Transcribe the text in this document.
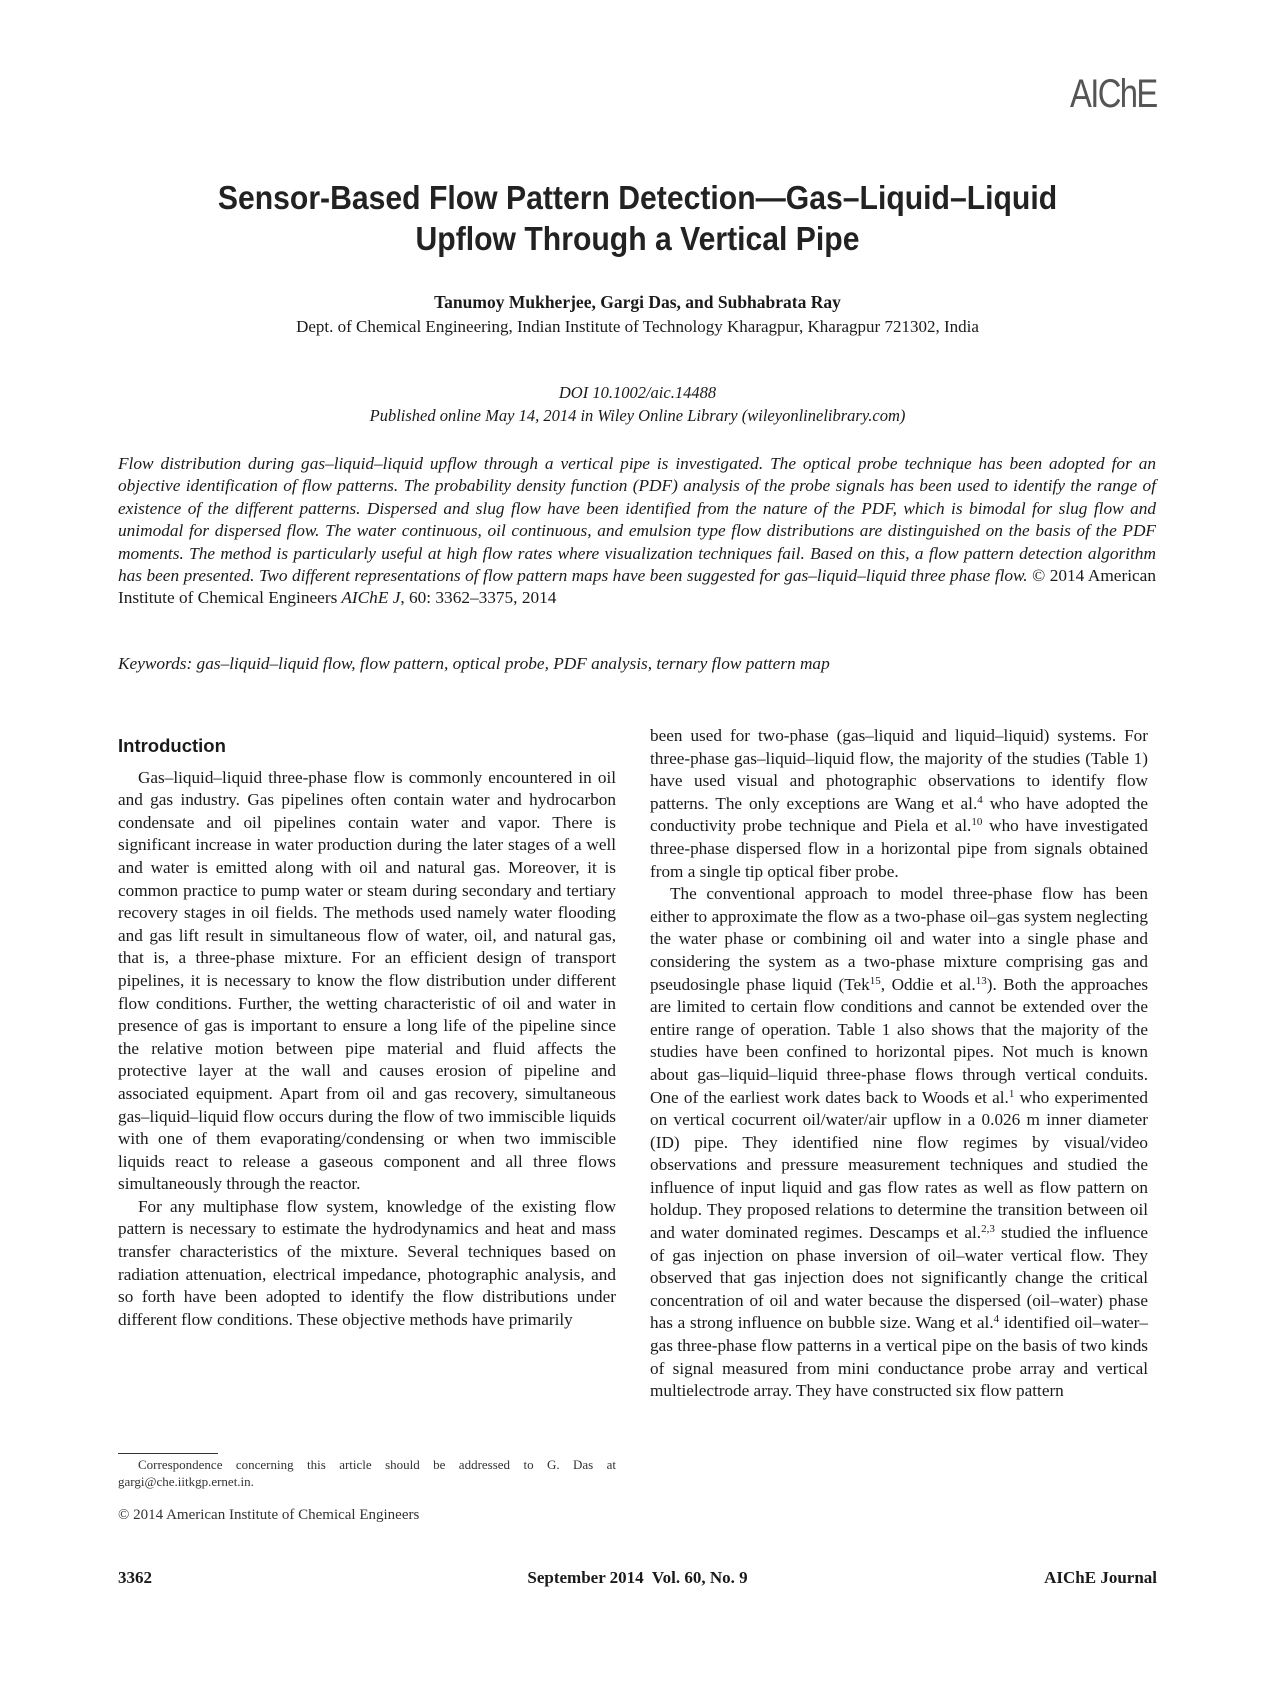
AIChE
Sensor-Based Flow Pattern Detection—Gas–Liquid–Liquid Upflow Through a Vertical Pipe
Tanumoy Mukherjee, Gargi Das, and Subhabrata Ray
Dept. of Chemical Engineering, Indian Institute of Technology Kharagpur, Kharagpur 721302, India
DOI 10.1002/aic.14488
Published online May 14, 2014 in Wiley Online Library (wileyonlinelibrary.com)
Flow distribution during gas–liquid–liquid upflow through a vertical pipe is investigated. The optical probe technique has been adopted for an objective identification of flow patterns. The probability density function (PDF) analysis of the probe signals has been used to identify the range of existence of the different patterns. Dispersed and slug flow have been identified from the nature of the PDF, which is bimodal for slug flow and unimodal for dispersed flow. The water continuous, oil continuous, and emulsion type flow distributions are distinguished on the basis of the PDF moments. The method is particularly useful at high flow rates where visualization techniques fail. Based on this, a flow pattern detection algorithm has been presented. Two different representations of flow pattern maps have been suggested for gas–liquid–liquid three phase flow. © 2014 American Institute of Chemical Engineers AIChE J, 60: 3362–3375, 2014
Keywords: gas–liquid–liquid flow, flow pattern, optical probe, PDF analysis, ternary flow pattern map
Introduction

Gas–liquid–liquid three-phase flow is commonly encountered in oil and gas industry. Gas pipelines often contain water and hydrocarbon condensate and oil pipelines contain water and vapor. There is significant increase in water production during the later stages of a well and water is emitted along with oil and natural gas. Moreover, it is common practice to pump water or steam during secondary and tertiary recovery stages in oil fields. The methods used namely water flooding and gas lift result in simultaneous flow of water, oil, and natural gas, that is, a three-phase mixture. For an efficient design of transport pipelines, it is necessary to know the flow distribution under different flow conditions. Further, the wetting characteristic of oil and water in presence of gas is important to ensure a long life of the pipeline since the relative motion between pipe material and fluid affects the protective layer at the wall and causes erosion of pipeline and associated equipment. Apart from oil and gas recovery, simultaneous gas–liquid–liquid flow occurs during the flow of two immiscible liquids with one of them evaporating/condensing or when two immiscible liquids react to release a gaseous component and all three flows simultaneously through the reactor.

For any multiphase flow system, knowledge of the existing flow pattern is necessary to estimate the hydrodynamics and heat and mass transfer characteristics of the mixture. Several techniques based on radiation attenuation, electrical impedance, photographic analysis, and so forth have been adopted to identify the flow distributions under different flow conditions. These objective methods have primarily

been used for two-phase (gas–liquid and liquid–liquid) systems. For three-phase gas–liquid–liquid flow, the majority of the studies (Table 1) have used visual and photographic observations to identify flow patterns. The only exceptions are Wang et al.$^4$ who have adopted the conductivity probe technique and Piela et al.$^{10}$ who have investigated three-phase dispersed flow in a horizontal pipe from signals obtained from a single tip optical fiber probe.

The conventional approach to model three-phase flow has been either to approximate the flow as a two-phase oil–gas system neglecting the water phase or combining oil and water into a single phase and considering the system as a two-phase mixture comprising gas and pseudosingle phase liquid (Tek$^{15}$, Oddie et al.$^{13}$). Both the approaches are limited to certain flow conditions and cannot be extended over the entire range of operation. Table 1 also shows that the majority of the studies have been confined to horizontal pipes. Not much is known about gas–liquid–liquid three-phase flows through vertical conduits. One of the earliest work dates back to Woods et al.$^1$ who experimented on vertical cocurrent oil/water/air upflow in a 0.026 m inner diameter (ID) pipe. They identified nine flow regimes by visual/video observations and pressure measurement techniques and studied the influence of input liquid and gas flow rates as well as flow pattern on holdup. They proposed relations to determine the transition between oil and water dominated regimes. Descamps et al.$^{2,3}$ studied the influence of gas injection on phase inversion of oil–water vertical flow. They observed that gas injection does not significantly change the critical concentration of oil and water because the dispersed (oil–water) phase has a strong influence on bubble size. Wang et al.$^4$ identified oil–water–gas three-phase flow patterns in a vertical pipe on the basis of two kinds of signal measured from mini conductance probe array and vertical multielectrode array. They have constructed six flow pattern

Correspondence concerning this article should be addressed to G. Das at gargi@che.iitkgp.ernet.in.
© 2014 American Institute of Chemical Engineers
3362	September 2014  Vol. 60, No. 9	AIChE Journal
